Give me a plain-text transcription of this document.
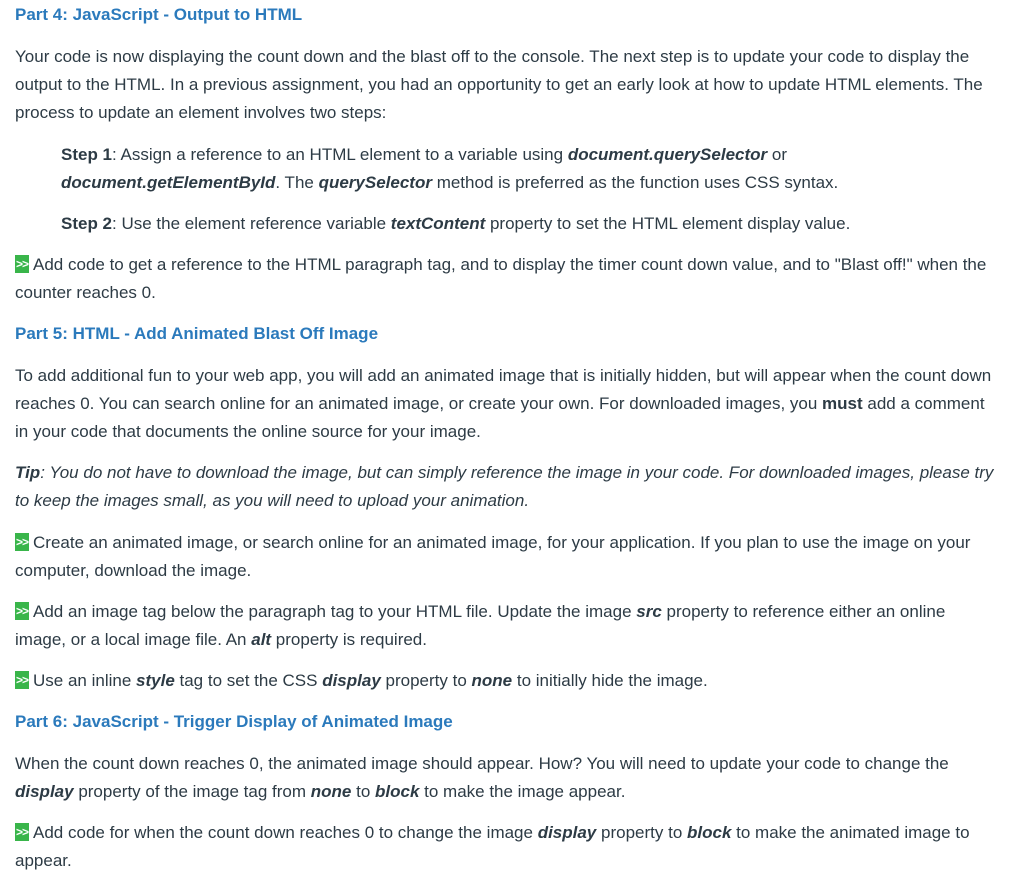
Part 4: JavaScript - Output to HTML

Your code is now displaying the count down and the blast off to the console. The next step is to update your code to display the output to the HTML. In a previous assignment, you had an opportunity to get an early look at how to update HTML elements. The process to update an element involves two steps:

Step 1: Assign a reference to an HTML element to a variable using document.querySelector or document.getElementById. The querySelector method is preferred as the function uses CSS syntax.

Step 2: Use the element reference variable textContent property to set the HTML element display value.

>> Add code to get a reference to the HTML paragraph tag, and to display the timer count down value, and to "Blast off!" when the counter reaches 0.

Part 5: HTML - Add Animated Blast Off Image

To add additional fun to your web app, you will add an animated image that is initially hidden, but will appear when the count down reaches 0. You can search online for an animated image, or create your own. For downloaded images, you must add a comment in your code that documents the online source for your image.

Tip: You do not have to download the image, but can simply reference the image in your code. For downloaded images, please try to keep the images small, as you will need to upload your animation.

>> Create an animated image, or search online for an animated image, for your application. If you plan to use the image on your computer, download the image.

>> Add an image tag below the paragraph tag to your HTML file. Update the image src property to reference either an online image, or a local image file. An alt property is required.

>> Use an inline style tag to set the CSS display property to none to initially hide the image.

Part 6: JavaScript - Trigger Display of Animated Image

When the count down reaches 0, the animated image should appear. How? You will need to update your code to change the display property of the image tag from none to block to make the image appear.

>> Add code for when the count down reaches 0 to change the image display property to block to make the animated image to appear.
